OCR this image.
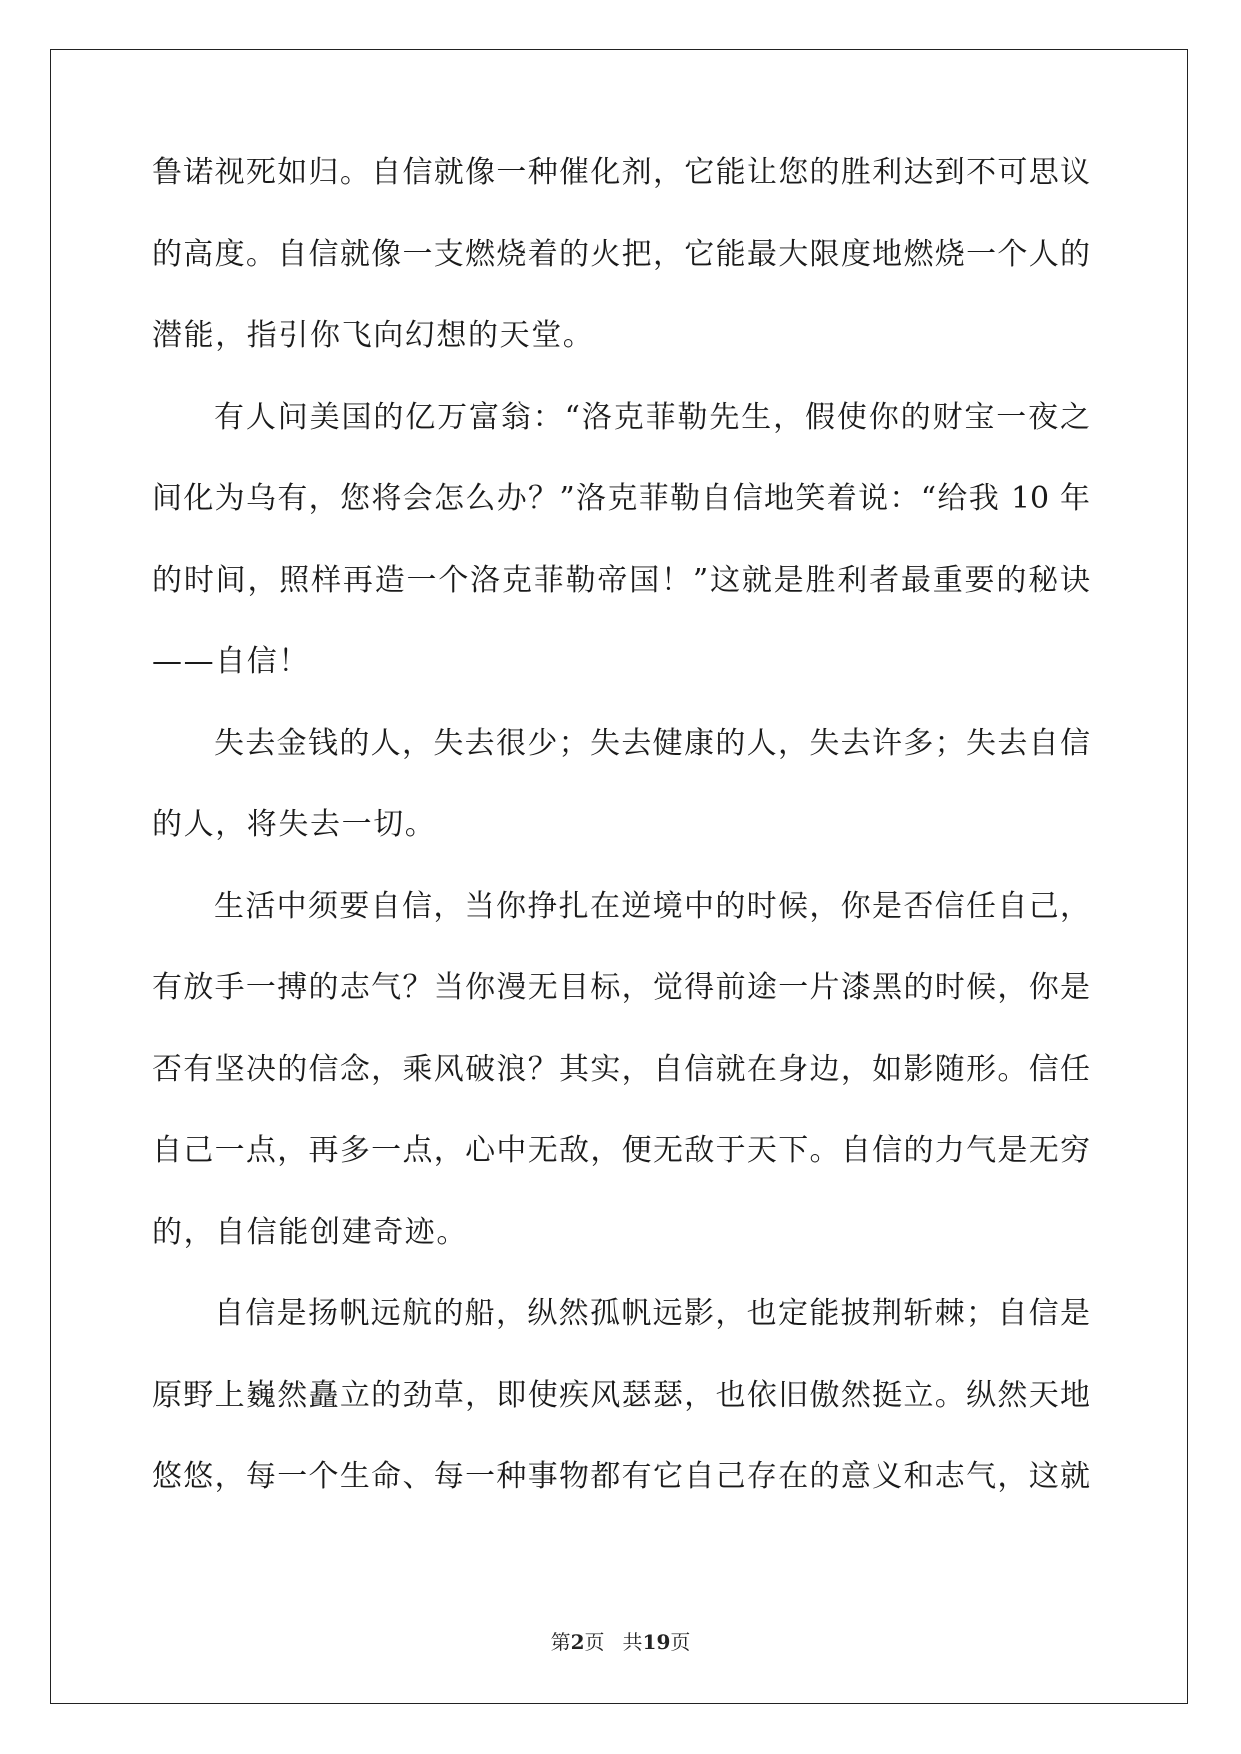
鲁诺视死如归。自信就像一种催化剂，它能让您的胜利达到不可思议
的高度。自信就像一支燃烧着的火把，它能最大限度地燃烧一个人的
潜能，指引你飞向幻想的天堂。
有人问美国的亿万富翁：“洛克菲勒先生，假使你的财宝一夜之
间化为乌有，您将会怎么办？”洛克菲勒自信地笑着说：“给我 10 年
的时间，照样再造一个洛克菲勒帝国！”这就是胜利者最重要的秘诀
——自信！
失去金钱的人，失去很少；失去健康的人，失去许多；失去自信
的人，将失去一切。
生活中须要自信，当你挣扎在逆境中的时候，你是否信任自己，
有放手一搏的志气？当你漫无目标，觉得前途一片漆黑的时候，你是
否有坚决的信念，乘风破浪？其实，自信就在身边，如影随形。信任
自己一点，再多一点，心中无敌，便无敌于天下。自信的力气是无穷
的，自信能创建奇迹。
自信是扬帆远航的船，纵然孤帆远影，也定能披荆斩棘；自信是
原野上巍然矗立的劲草，即使疾风瑟瑟，也依旧傲然挺立。纵然天地
悠悠，每一个生命、每一种事物都有它自己存在的意义和志气，这就
第2页 共19页
